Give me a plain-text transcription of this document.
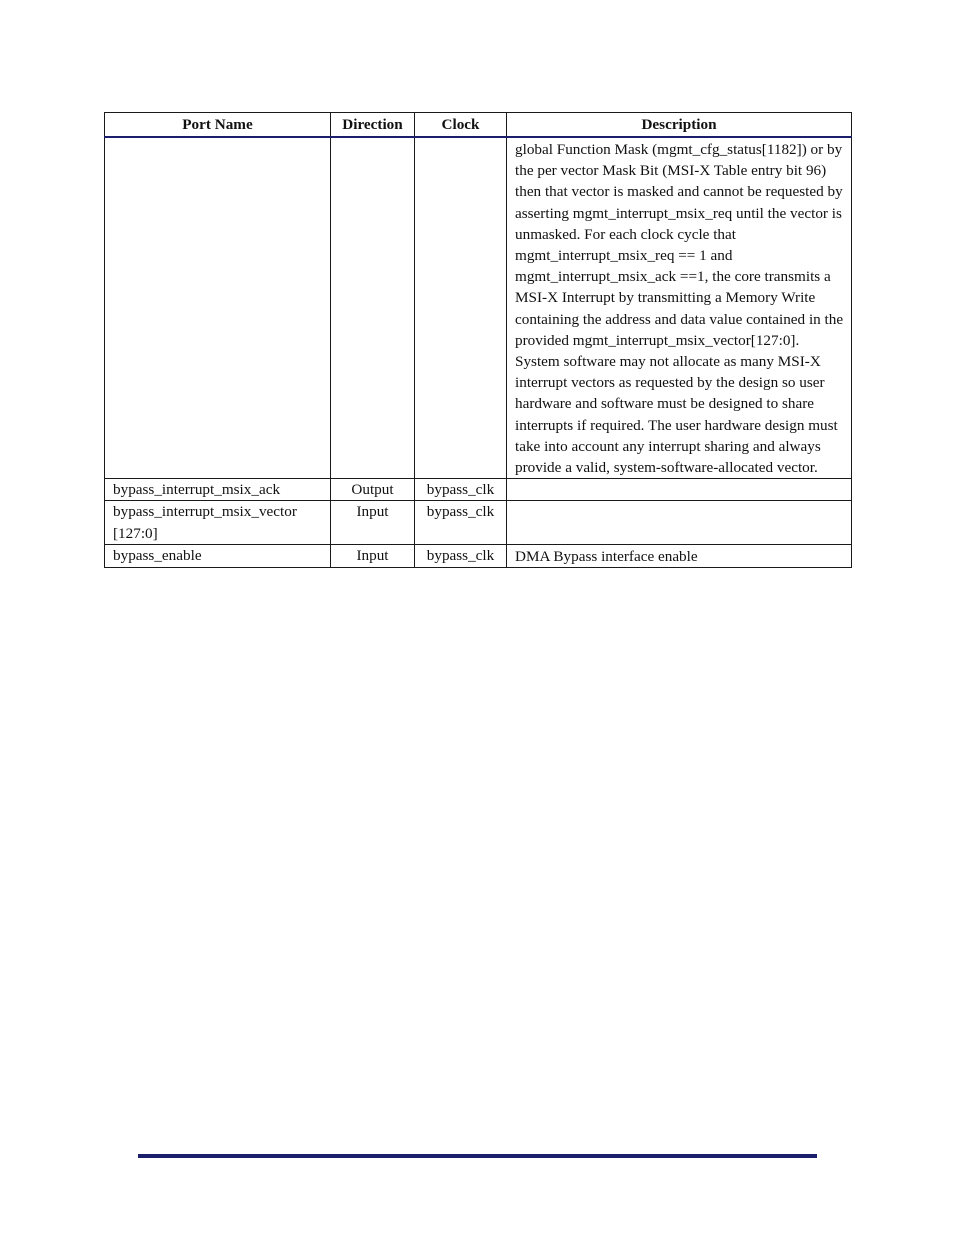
Port Name	Direction	Clock	Description
			global Function Mask (mgmt_cfg_status[1182]) or by the per vector Mask Bit (MSI-X Table entry bit 96) then that vector is masked and cannot be requested by asserting mgmt_interrupt_msix_req until the vector is unmasked. For each clock cycle that mgmt_interrupt_msix_req == 1 and mgmt_interrupt_msix_ack ==1, the core transmits a MSI-X Interrupt by transmitting a Memory Write containing the address and data value contained in the provided mgmt_interrupt_msix_vector[127:0]. System software may not allocate as many MSI-X interrupt vectors as requested by the design so user hardware and software must be designed to share interrupts if required. The user hardware design must take into account any interrupt sharing and always provide a valid, system-software-allocated vector.
bypass_interrupt_msix_ack	Output	bypass_clk	
bypass_interrupt_msix_vector [127:0]	Input	bypass_clk	
bypass_enable	Input	bypass_clk	DMA Bypass interface enable
